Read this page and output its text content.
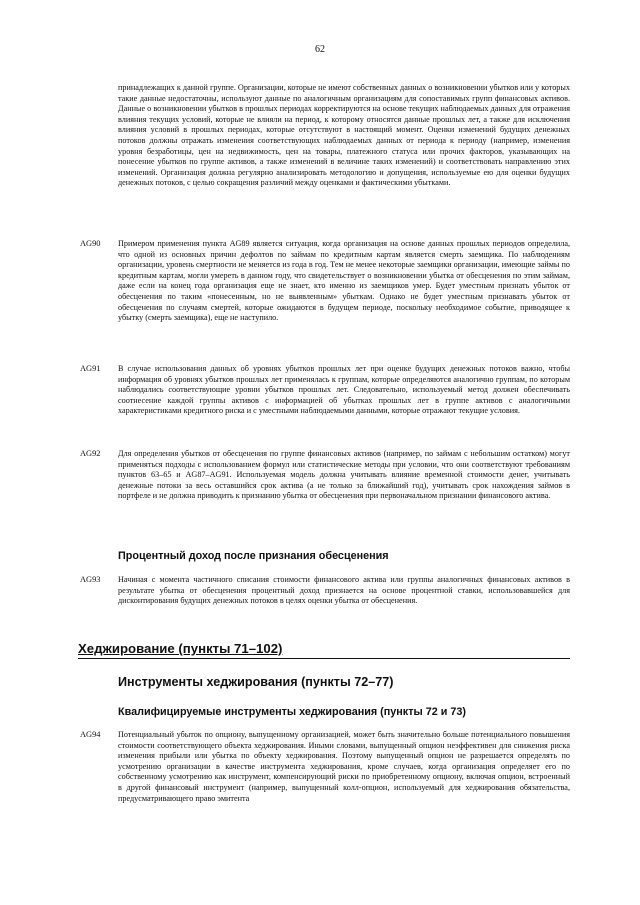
62

принадлежащих к данной группе. Организации, которые не имеют собственных данных о возникновении убытков или у которых такие данные недостаточны, используют данные по аналогичным организациям для сопоставимых групп финансовых активов. Данные о возникновении убытков в прошлых периодах корректируются на основе текущих наблюдаемых данных для отражения влияния текущих условий, которые не влияли на период, к которому относятся данные прошлых лет, а также для исключения влияния условий в прошлых периодах, которые отсутствуют в настоящий момент. Оценки изменений будущих денежных потоков должны отражать изменения соответствующих наблюдаемых данных от периода к периоду (например, изменения уровня безработицы, цен на недвижимость, цен на товары, платежного статуса или прочих факторов, указывающих на понесение убытков по группе активов, а также изменений в величине таких изменений) и соответствовать направлению этих изменений. Организация должна регулярно анализировать методологию и допущения, используемые ею для оценки будущих денежных потоков, с целью сокращения различий между оценками и фактическими убытками.

AG90 Примером применения пункта AG89 является ситуация, когда организация на основе данных прошлых периодов определила, что одной из основных причин дефолтов по займам по кредитным картам является смерть заемщика. По наблюдениям организации, уровень смертности не меняется из года в год. Тем не менее некоторые заемщики организации, имеющие займы по кредитным картам, могли умереть в данном году, что свидетельствует о возникновении убытка от обесценения по этим займам, даже если на конец года организация еще не знает, кто именно из заемщиков умер. Будет уместным признать убыток от обесценения по таким «понесенным, но не выявленным» убыткам. Однако не будет уместным признавать убыток от обесценения по случаям смертей, которые ожидаются в будущем периоде, поскольку необходимое событие, приводящее к убытку (смерть заемщика), еще не наступило.

AG91 В случае использования данных об уровнях убытков прошлых лет при оценке будущих денежных потоков важно, чтобы информация об уровнях убытков прошлых лет применялась к группам, которые определяются аналогично группам, по которым наблюдались соответствующие уровни убытков прошлых лет. Следовательно, используемый метод должен обеспечивать соотнесение каждой группы активов с информацией об убытках прошлых лет в группе активов с аналогичными характеристиками кредитного риска и с уместными наблюдаемыми данными, которые отражают текущие условия.

AG92 Для определения убытков от обесценения по группе финансовых активов (например, по займам с небольшим остатком) могут применяться подходы с использованием формул или статистические методы при условии, что они соответствуют требованиям пунктов 63–65 и AG87–AG91. Используемая модель должна учитывать влияние временной стоимости денег, учитывать денежные потоки за весь оставшийся срок актива (а не только за ближайший год), учитывать срок нахождения займов в портфеле и не должна приводить к признанию убытка от обесценения при первоначальном признании финансового актива.

Процентный доход после признания обесценения
AG93 Начиная с момента частичного списания стоимости финансового актива или группы аналогичных финансовых активов в результате убытка от обесценения процентный доход признается на основе процентной ставки, использовавшейся для дисконтирования будущих денежных потоков в целях оценки убытка от обесценения.

Хеджирование (пункты 71–102)
Инструменты хеджирования (пункты 72–77)
Квалифицируемые инструменты хеджирования (пункты 72 и 73)
AG94 Потенциальный убыток по опциону, выпущенному организацией, может быть значительно больше потенциального повышения стоимости соответствующего объекта хеджирования. Иными словами, выпущенный опцион неэффективен для снижения риска изменения прибыли или убытка по объекту хеджирования. Поэтому выпущенный опцион не разрешается определять по усмотрению организации в качестве инструмента хеджирования, кроме случаев, когда организация определяет его по собственному усмотрению как инструмент, компенсирующий риски по приобретенному опциону, включая опцион, встроенный в другой финансовый инструмент (например, выпущенный колл-опцион, используемый для хеджирования обязательства, предусматривающего право эмитента
